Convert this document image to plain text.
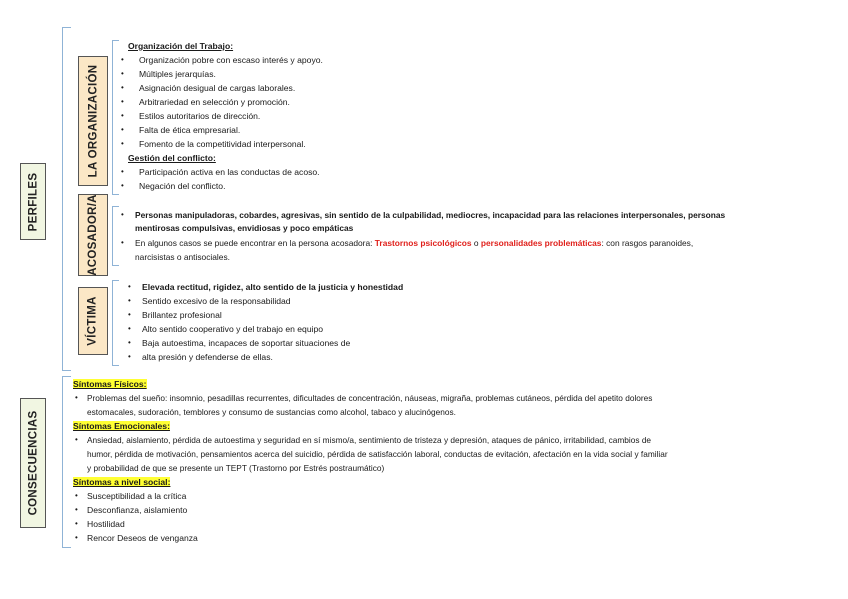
PERFILES
CONSECUENCIAS
LA ORGANIZACIÓN
ACOSADOR/A
VÍCTIMA
Organización del Trabajo:
• Organización pobre con escaso interés y apoyo.
• Múltiples jerarquías.
• Asignación desigual de cargas laborales.
• Arbitrariedad en selección y promoción.
• Estilos autoritarios de dirección.
• Falta de ética empresarial.
• Fomento de la competitividad interpersonal.
Gestión del conflicto:
• Participación activa en las conductas de acoso.
• Negación del conflicto.
• Personas manipuladoras, cobardes, agresivas, sin sentido de la culpabilidad, mediocres, incapacidad para las relaciones interpersonales, personas
mentirosas compulsivas, envidiosas y poco empáticas
• En algunos casos se puede encontrar en la persona acosadora: Trastornos psicológicos o personalidades problemáticas: con rasgos paranoides,
narcisistas o antisociales.
• Elevada rectitud, rigidez, alto sentido de la justicia y honestidad
• Sentido excesivo de la responsabilidad
• Brillantez profesional
• Alto sentido cooperativo y del trabajo en equipo
• Baja autoestima, incapaces de soportar situaciones de
• alta presión y defenderse de ellas.
Síntomas Físicos:
• Problemas del sueño: insomnio, pesadillas recurrentes, dificultades de concentración, náuseas, migraña, problemas cutáneos, pérdida del apetito dolores
estomacales, sudoración, temblores y consumo de sustancias como alcohol, tabaco y alucinógenos.
Síntomas Emocionales:
• Ansiedad, aislamiento, pérdida de autoestima y seguridad en sí mismo/a, sentimiento de tristeza y depresión, ataques de pánico, irritabilidad, cambios de
humor, pérdida de motivación, pensamientos acerca del suicidio, pérdida de satisfacción laboral, conductas de evitación, afectación en la vida social y familiar
y probabilidad de que se presente un TEPT (Trastorno por Estrés postraumático)
Síntomas a nivel social:
• Susceptibilidad a la crítica
• Desconfianza, aislamiento
• Hostilidad
• Rencor Deseos de venganza
